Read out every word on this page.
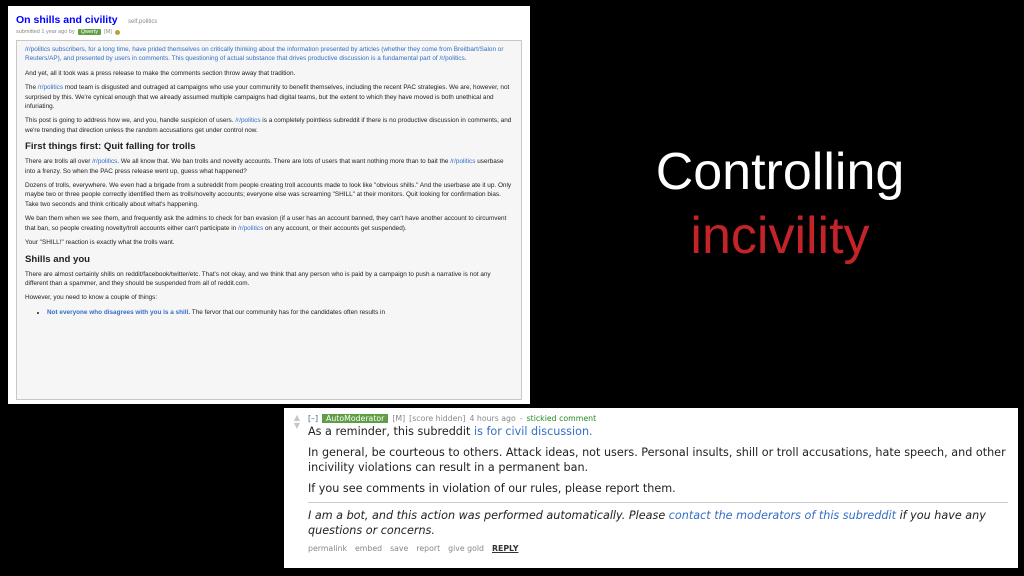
On shills and civility self.politics
submitted 1 year ago by	Qwerty	[M]

/r/politics subscribers, for a long time, have prided themselves on critically thinking about the information presented by articles (whether they come from Breitbart/Salon or Reuters/AP), and presented by users in comments. This questioning of actual substance that drives productive discussion is a fundamental part of /r/politics.

And yet, all it took was a press release to make the comments section throw away that tradition.

The /r/politics mod team is disgusted and outraged at campaigns who use your community to benefit themselves, including the recent PAC strategies. We are, however, not surprised by this. We're cynical enough that we already assumed multiple campaigns had digital teams, but the extent to which they have moved is both unethical and infuriating.

This post is going to address how we, and you, handle suspicion of users. /r/politics is a completely pointless subreddit if there is no productive discussion in comments, and we're trending that direction unless the random accusations get under control now.

First things first: Quit falling for trolls

There are trolls all over /r/politics. We all know that. We ban trolls and novelty accounts. There are lots of users that want nothing more than to bait the /r/politics userbase into a frenzy. So when the PAC press release went up, guess what happened?

Dozens of trolls, everywhere. We even had a brigade from a subreddit from people creating troll accounts made to look like "obvious shills." And the userbase ate it up. Only maybe two or three people correctly identified them as trolls/novelty accounts; everyone else was screaming "SHILL" at their monitors. Quit looking for confirmation bias. Take two seconds and think critically about what's happening.

We ban them when we see them, and frequently ask the admins to check for ban evasion (if a user has an account banned, they can't have another account to circumvent that ban, so people creating novelty/troll accounts either can't participate in /r/politics on any account, or their accounts get suspended).

Your "SHILL!" reaction is exactly what the trolls want.

Shills and you

There are almost certainly shills on reddit/facebook/twitter/etc. That's not okay, and we think that any person who is paid by a campaign to push a narrative is not any different than a spammer, and they should be suspended from all of reddit.com.

However, you need to know a couple of things:

• Not everyone who disagrees with you is a shill. The fervor that our community has for the candidates often results in
Controlling
incivility
▲
▼
[–]	AutoModerator	[M] [score hidden] 4 hours ago - stickied comment

As a reminder, this subreddit is for civil discussion.

In general, be courteous to others. Attack ideas, not users. Personal insults, shill or troll accusations, hate speech, and other incivility violations can result in a permanent ban.

If you see comments in violation of our rules, please report them.

I am a bot, and this action was performed automatically. Please contact the moderators of this subreddit if you have any questions or concerns.

permalink embed save report give gold REPLY
